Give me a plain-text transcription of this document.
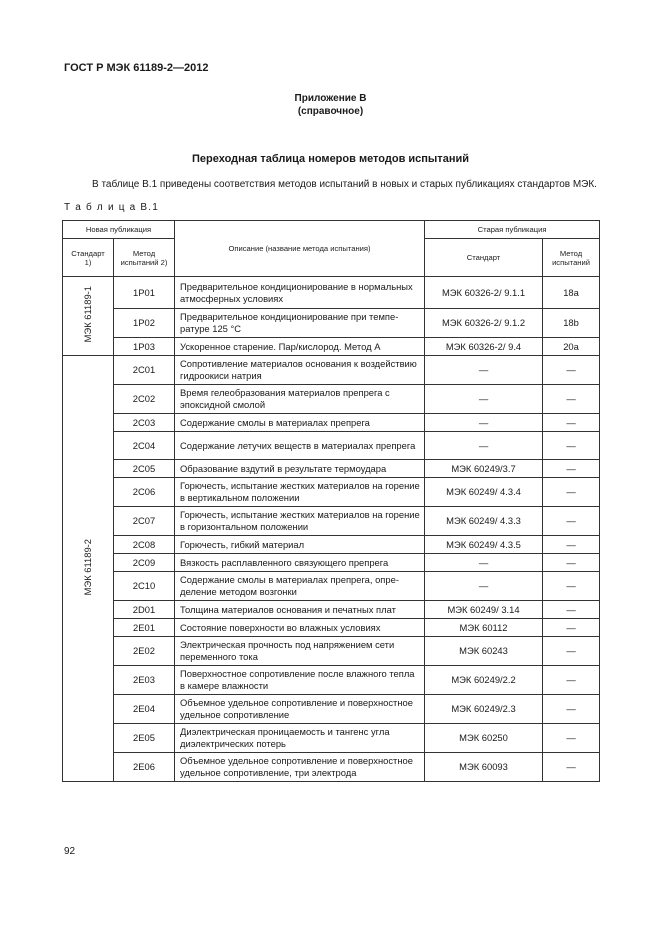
ГОСТ Р МЭК 61189-2—2012
Приложение В
(справочное)
Переходная таблица номеров методов испытаний
В таблице В.1 приведены соответствия методов испытаний в новых и старых публикациях стандартов МЭК.
Т а б л и ц а В.1
Новая публикация		Описание (название метода испытания)	Старая публикация	
Стандарт 1)	Метод испытаний 2)		Стандарт	Метод испытаний
МЭК 61189-1	1P01	Предварительное кондиционирование в нормальных атмосферных условиях	МЭК 60326-2/ 9.1.1	18a
	1P02	Предварительное кондиционирование при температуре 125 °С	МЭК 60326-2/ 9.1.2	18b
	1P03	Ускоренное старение. Пар/кислород. Метод А	МЭК 60326-2/ 9.4	20a
МЭК 61189-2	2C01	Сопротивление материалов основания к воздействию гидроокиси натрия	—	—
	2C02	Время гелеобразования материалов препрега с эпоксидной смолой	—	—
	2C03	Содержание смолы в материалах препрега	—	—
	2C04	Содержание летучих веществ в материалах препрега	—	—
	2C05	Образование вздутий в результате термоудара	МЭК 60249/3.7	—
	2C06	Горючесть, испытание жестких материалов на горение в вертикальном положении	МЭК 60249/ 4.3.4	—
	2C07	Горючесть, испытание жестких материалов на горение в горизонтальном положении	МЭК 60249/ 4.3.3	—
	2C08	Горючесть, гибкий материал	МЭК 60249/ 4.3.5	—
	2C09	Вязкость расплавленного связующего препрега	—	—
	2C10	Содержание смолы в материалах препрега, определение методом возгонки	—	—
	2D01	Толщина материалов основания и печатных плат	МЭК 60249/ 3.14	—
	2E01	Состояние поверхности во влажных условиях	МЭК 60112	—
	2E02	Электрическая прочность под напряжением сети переменного тока	МЭК 60243	—
	2E03	Поверхностное сопротивление после влажного тепла в камере влажности	МЭК 60249/2.2	—
	2E04	Объемное удельное сопротивление и поверхностное удельное сопротивление	МЭК 60249/2.3	—
	2E05	Диэлектрическая проницаемость и тангенс угла диэлектрических потерь	МЭК 60250	—
	2E06	Объемное удельное сопротивление и поверхностное удельное сопротивление, три электрода	МЭК 60093	—
92
